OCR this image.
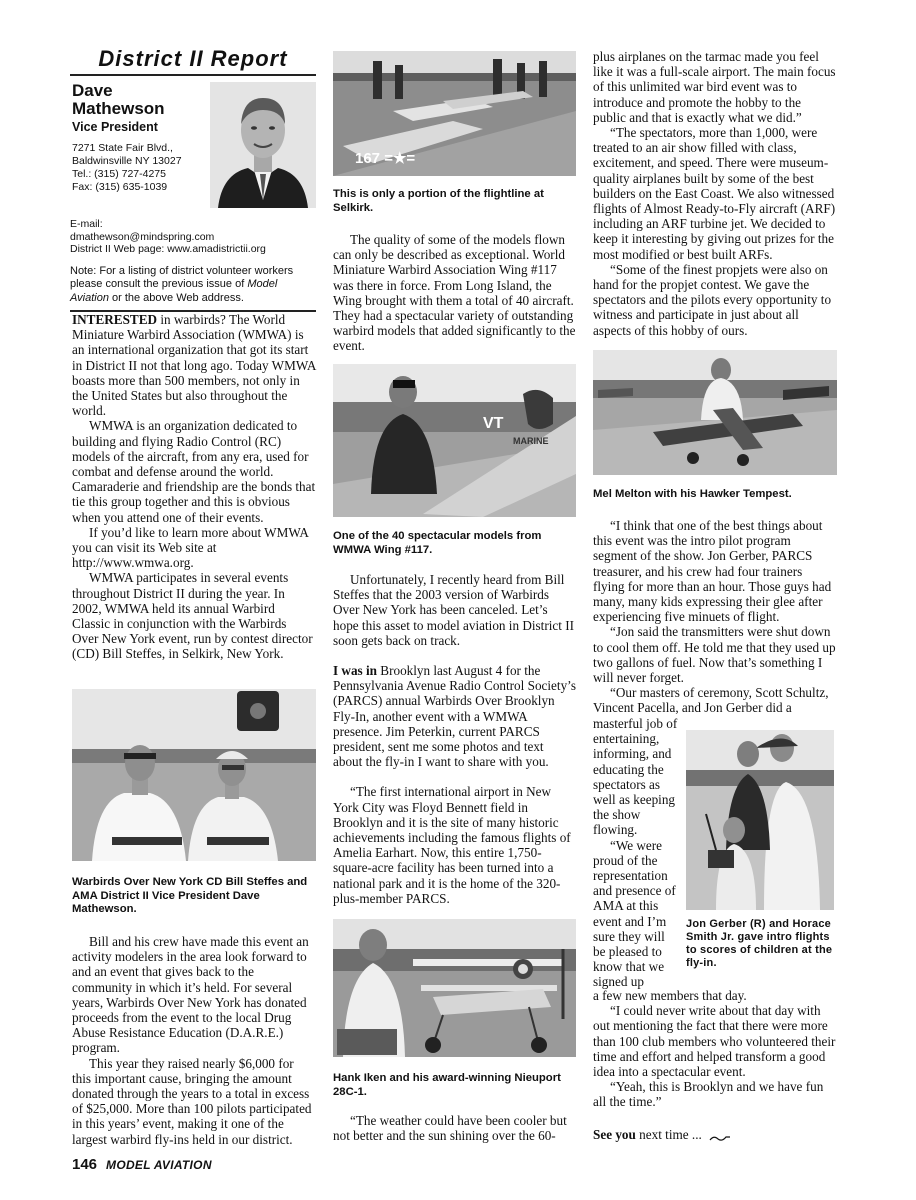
District II Report
Dave
Mathewson
Vice President
7271 State Fair Blvd.,
Baldwinsville NY 13027
Tel.: (315) 727-4275
Fax: (315) 635-1039
E-mail:
dmathewson@mindspring.com
District II Web page: www.amadistrictii.org
Note: For a listing of district volunteer workers please consult the previous issue of Model Aviation or the above Web address.

INTERESTED in warbirds? The World Miniature Warbird Association (WMWA) is an international organization that got its start in District II not that long ago. Today WMWA boasts more than 500 members, not only in the United States but also throughout the world.

WMWA is an organization dedicated to building and flying Radio Control (RC) models of the aircraft, from any era, used for combat and defense around the world. Camaraderie and friendship are the bonds that tie this group together and this is obvious when you attend one of their events.

If you’d like to learn more about WMWA you can visit its Web site at http://www.wmwa.org.

WMWA participates in several events throughout District II during the year. In 2002, WMWA held its annual Warbird Classic in conjunction with the Warbirds Over New York event, run by contest director (CD) Bill Steffes, in Selkirk, New York.

Warbirds Over New York CD Bill Steffes and AMA District II Vice President Dave Mathewson.

Bill and his crew have made this event an activity modelers in the area look forward to and an event that gives back to the community in which it’s held. For several years, Warbirds Over New York has donated proceeds from the event to the local Drug Abuse Resistance Education (D.A.R.E.) program.

This year they raised nearly $6,000 for this important cause, bringing the amount donated through the years to a total in excess of $25,000. More than 100 pilots participated in this years’ event, making it one of the largest warbird fly-ins held in our district.

167 =★=
This is only a portion of the flightline at Selkirk.

The quality of some of the models flown can only be described as exceptional. World Miniature Warbird Association Wing #117 was there in force. From Long Island, the Wing brought with them a total of 40 aircraft. They had a spectacular variety of outstanding warbird models that added significantly to the event.

VT
MARINE
One of the 40 spectacular models from WMWA Wing #117.

Unfortunately, I recently heard from Bill Steffes that the 2003 version of Warbirds Over New York has been canceled. Let’s hope this asset to model aviation in District II soon gets back on track.

I was in Brooklyn last August 4 for the Pennsylvania Avenue Radio Control Society’s (PARCS) annual Warbirds Over Brooklyn Fly-In, another event with a WMWA presence. Jim Peterkin, current PARCS president, sent me some photos and text about the fly-in I want to share with you.

“The first international airport in New York City was Floyd Bennett field in Brooklyn and it is the site of many historic achievements including the famous flights of Amelia Earhart. Now, this entire 1,750-square-acre facility has been turned into a national park and it is the home of the 320-plus-member PARCS.

Hank Iken and his award-winning Nieuport 28C-1.

“The weather could have been cooler but not better and the sun shining over the 60-

plus airplanes on the tarmac made you feel like it was a full-scale airport. The main focus of this unlimited war bird event was to introduce and promote the hobby to the public and that is exactly what we did.”

“The spectators, more than 1,000, were treated to an air show filled with class, excitement, and speed. There were museum-quality airplanes built by some of the best builders on the East Coast. We also witnessed flights of Almost Ready-to-Fly aircraft (ARF) including an ARF turbine jet. We decided to keep it interesting by giving out prizes for the most modified or best built ARFs.

“Some of the finest propjets were also on hand for the propjet contest. We gave the spectators and the pilots every opportunity to witness and participate in just about all aspects of this hobby of ours.

Mel Melton with his Hawker Tempest.

“I think that one of the best things about this event was the intro pilot program segment of the show. Jon Gerber, PARCS treasurer, and his crew had four trainers flying for more than an hour. Those guys had many, many kids expressing their glee after experiencing five minuets of flight.

“Jon said the transmitters were shut down to cool them off. He told me that they used up two gallons of fuel. Now that’s something I will never forget.

“Our masters of ceremony, Scott Schultz, Vincent Pacella, and Jon Gerber did a

masterful job of entertaining, informing, and educating the spectators as well as keeping the show flowing.

“We were proud of the representation and presence of AMA at this event and I’m sure they will be pleased to know that we signed up

Jon Gerber (R) and Horace Smith Jr. gave intro flights to scores of children at the fly-in.

a few new members that day.

“I could never write about that day with out mentioning the fact that there were more than 100 club members who volunteered their time and effort and helped transform a good idea into a spectacular event.

“Yeah, this is Brooklyn and we have fun all the time.”

See you next time ...

146 MODEL AVIATION
